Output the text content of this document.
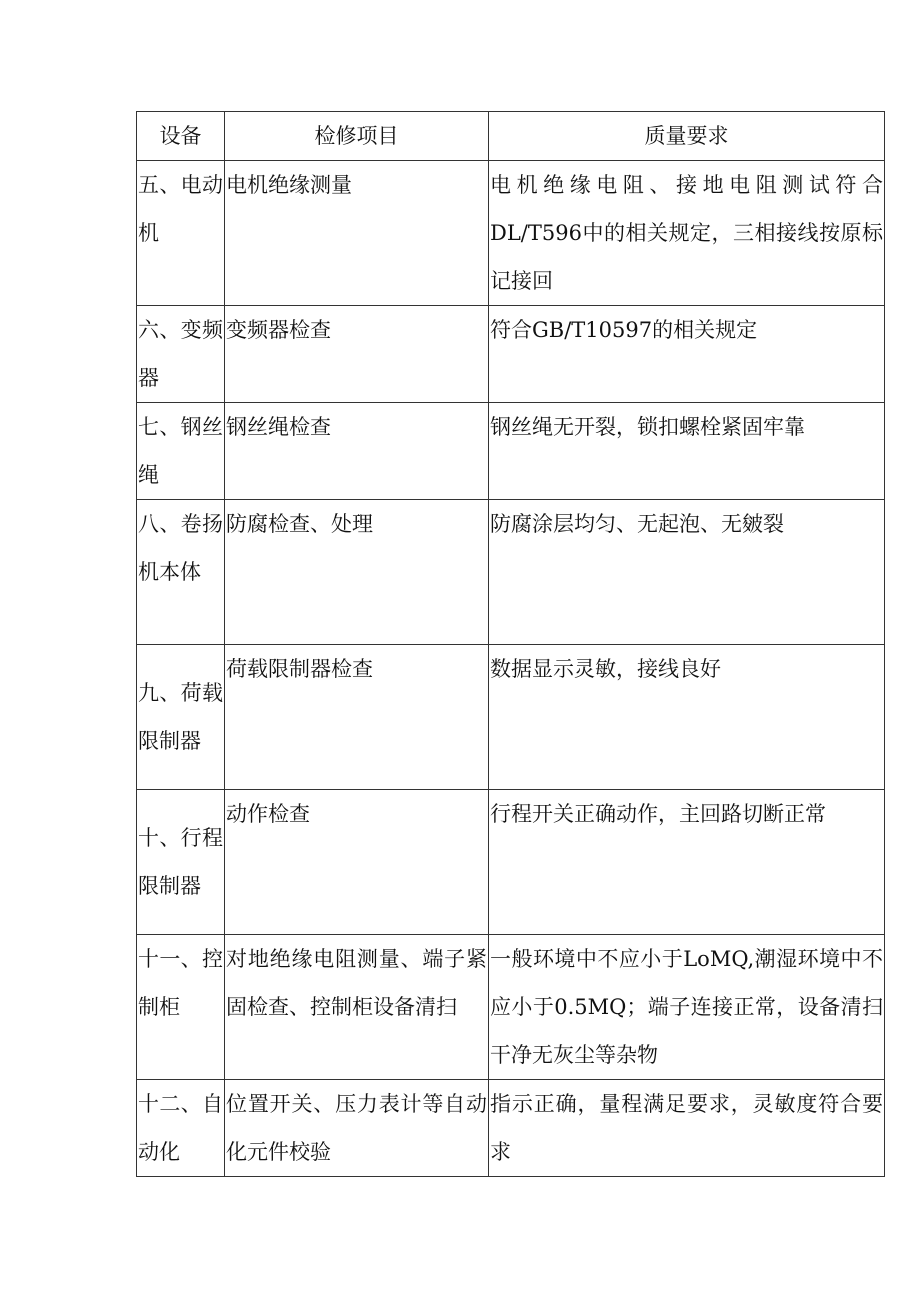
设备	检修项目	质量要求
五、电动机	电机绝缘测量	电机绝缘电阻、接地电阻测试符合DL/T596中的相关规定，三相接线按原标记接回
六、变频器	变频器检查	符合GB/T10597的相关规定
七、钢丝绳	钢丝绳检查	钢丝绳无开裂，锁扣螺栓紧固牢靠
八、卷扬机本体	防腐检查、处理	防腐涂层均匀、无起泡、无皴裂
九、荷载限制器	荷载限制器检查	数据显示灵敏，接线良好
十、行程限制器	动作检查	行程开关正确动作，主回路切断正常
十一、控制柜	对地绝缘电阻测量、端子紧固检查、控制柜设备清扫	一般环境中不应小于LoMQ,潮湿环境中不应小于0.5MQ；端子连接正常，设备清扫干净无灰尘等杂物
十二、自动化	位置开关、压力表计等自动化元件校验	指示正确，量程满足要求，灵敏度符合要求
